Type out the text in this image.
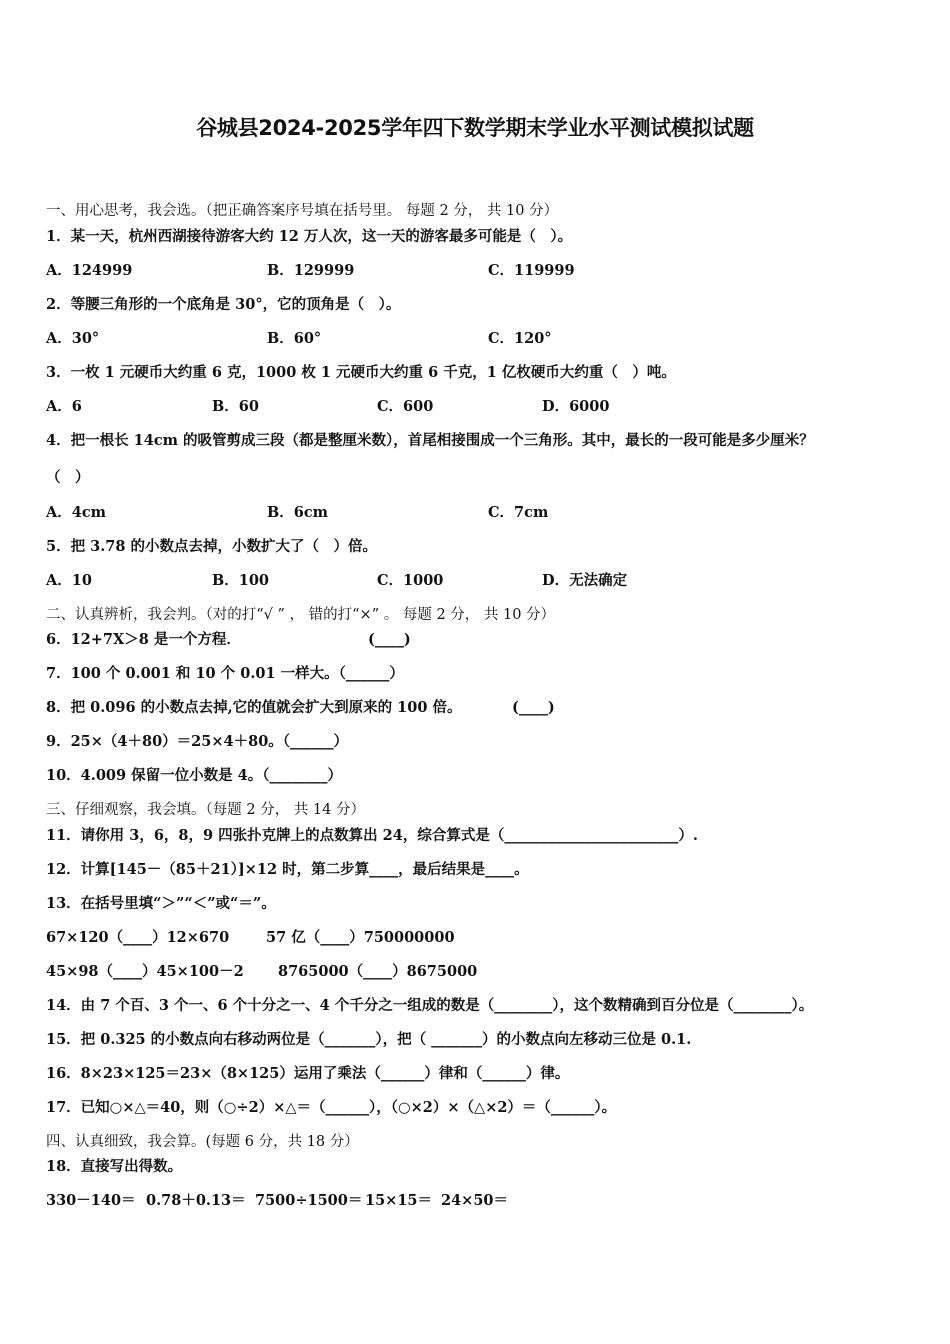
谷城县2024-2025学年四下数学期末学业水平测试模拟试题
一、用心思考，我会选。（把正确答案序号填在括号里。 每题 2 分， 共 10 分）
1．某一天，杭州西湖接待游客大约 12 万人次，这一天的游客最多可能是（　）。
A．124999	B．129999	C．119999
2．等腰三角形的一个底角是 30°，它的顶角是（　）。
A．30°	B．60°	C．120°
3．一枚 1 元硬币大约重 6 克，1000 枚 1 元硬币大约重 6 千克，1 亿枚硬币大约重（　）吨。
A．6	B．60	C．600	D．6000
4．把一根长 14cm 的吸管剪成三段（都是整厘米数），首尾相接围成一个三角形。其中，最长的一段可能是多少厘米？
（　）
A．4cm	B．6cm	C．7cm
5．把 3.78 的小数点去掉，小数扩大了（　）倍。
A．10	B．100	C．1000	D．无法确定
二、认真辨析，我会判。（对的打“√ ” ， 错的打“×” 。 每题 2 分， 共 10 分）
6．12+7X＞8 是一个方程．	(____)
7．100 个 0.001 和 10 个 0.01 一样大。（______）
8．把 0.096 的小数点去掉,它的值就会扩大到原来的 100 倍。	(____)
9．25×（4＋80）＝25×4＋80。（______）
10．4.009 保留一位小数是 4。（________）
三、仔细观察，我会填。（每题 2 分， 共 14 分）
11．请你用 3，6，8，9 四张扑克牌上的点数算出 24，综合算式是（________________________）.
12．计算[145－（85＋21）]×12 时，第二步算____，最后结果是____。
13．在括号里填“＞”“＜”或“＝”。
67×120（____）12×670	57 亿（____）750000000
45×98（____）45×100－2 8765000（____）8675000
14．由 7 个百、3 个一、6 个十分之一、4 个千分之一组成的数是（________），这个数精确到百分位是（________）。
15．把 0.325 的小数点向右移动两位是（_______），把（ _______）的小数点向左移动三位是 0.1.
16．8×23×125＝23×（8×125）运用了乘法（______）律和（______）律。
17．已知○×△＝40，则（○÷2）×△＝（______），（○×2）×（△×2）＝（______）。
四、认真细致，我会算。(每题 6 分，共 18 分）
18．直接写出得数。
330－140＝ 0.78＋0.13＝ 7500÷1500＝ 15×15＝ 24×50＝
